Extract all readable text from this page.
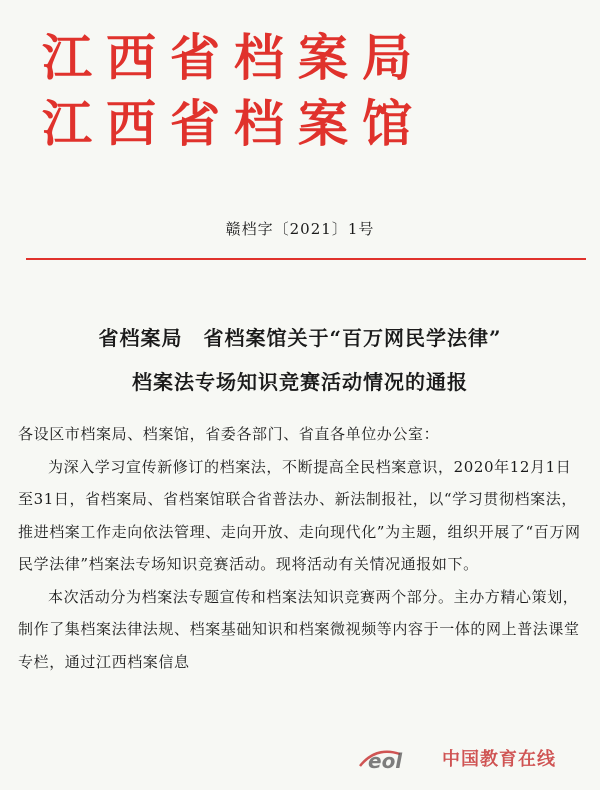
江西省档案局
江西省档案馆
赣档字〔2021〕1号
省档案局　省档案馆关于“百万网民学法律”
档案法专场知识竞赛活动情况的通报

各设区市档案局、档案馆，省委各部门、省直各单位办公室：

为深入学习宣传新修订的档案法，不断提高全民档案意识，2020年12月1日至31日，省档案局、省档案馆联合省普法办、新法制报社，以“学习贯彻档案法，推进档案工作走向依法管理、走向开放、走向现代化”为主题，组织开展了“百万网民学法律”档案法专场知识竞赛活动。现将活动有关情况通报如下。

本次活动分为档案法专题宣传和档案法知识竞赛两个部分。主办方精心策划，制作了集档案法律法规、档案基础知识和档案微视频等内容于一体的网上普法课堂专栏，通过江西档案信息

eol 中国教育在线
